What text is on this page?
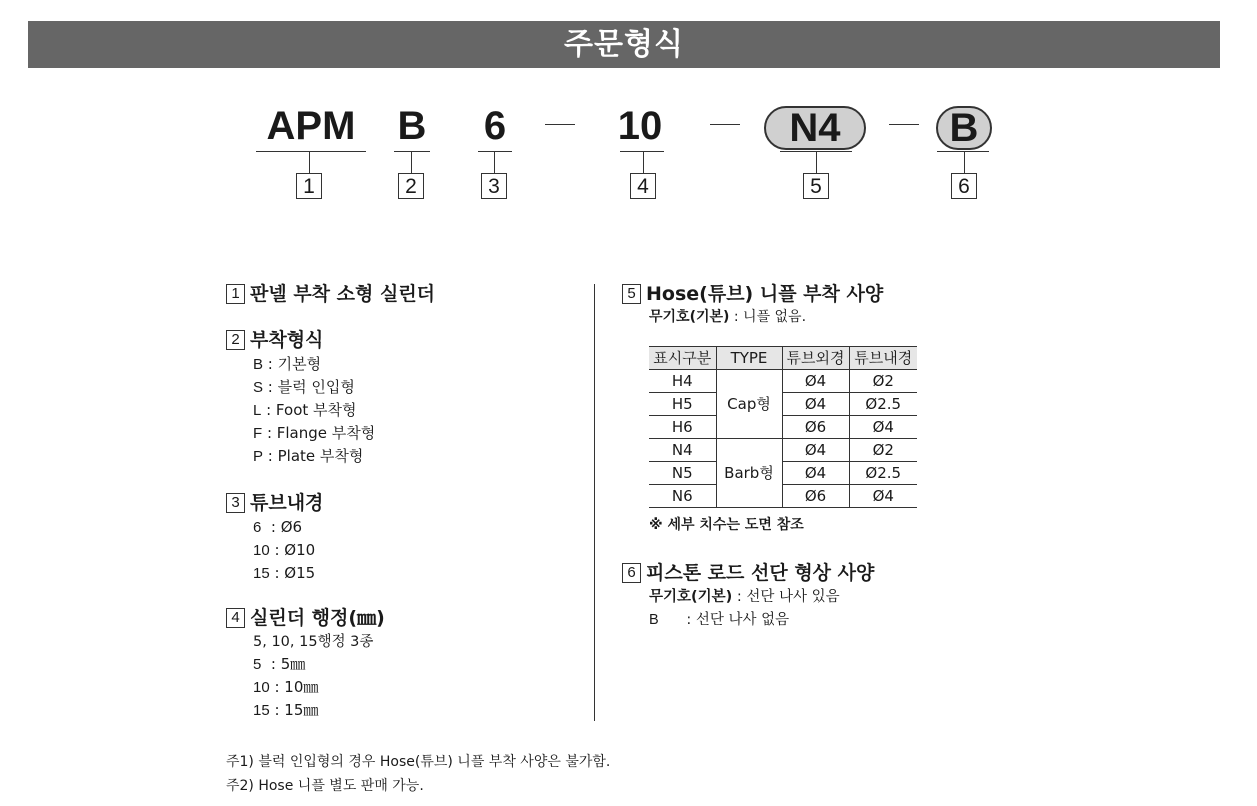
주문형식
APM B 6	10	N4	B
1	2	3	4	5	6
1 판넬 부착 소형 실린더
2 부착형식
B : 기본형
S : 블럭 인입형
L : Foot 부착형
F : Flange 부착형
P : Plate 부착형
3 튜브내경
6  : Ø6
10 : Ø10
15 : Ø15
4 실린더 행정(㎜)
5, 10, 15행정 3종
5  : 5㎜
10 : 10㎜
15 : 15㎜
5 Hose(튜브) 니플 부착 사양
무기호(기본) : 니플 없음.
표시구분	TYPE	튜브외경	튜브내경
H4	Cap형	Ø4	Ø2
H5		Ø4	Ø2.5
H6		Ø6	Ø4
N4	Barb형	Ø4	Ø2
N5		Ø4	Ø2.5
N6		Ø6	Ø4
※ 세부 치수는 도면 참조
6 피스톤 로드 선단 형상 사양
무기호(기본) : 선단 나사 있음
B      : 선단 나사 없음
주1) 블럭 인입형의 경우 Hose(튜브) 니플 부착 사양은 불가함.
주2) Hose 니플 별도 판매 가능.
